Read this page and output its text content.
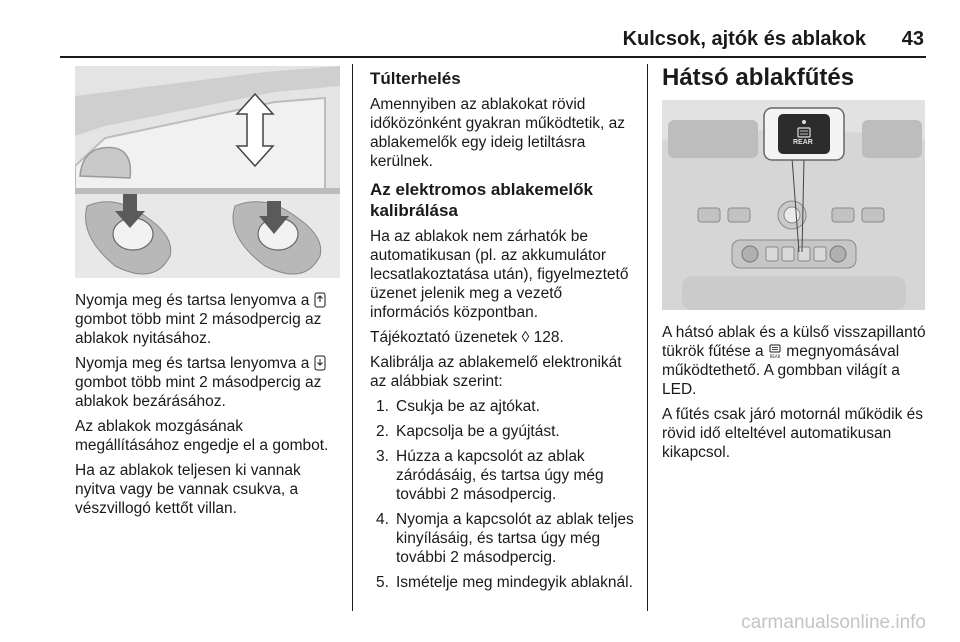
Kulcsok, ajtók és ablakok 43

Nyomja meg és tartsa lenyomva a  gombot több mint 2 másodpercig az ablakok nyitásához.

Nyomja meg és tartsa lenyomva a  gombot több mint 2 másodpercig az ablakok bezárásához.

Az ablakok mozgásának megállításához engedje el a gombot.

Ha az ablakok teljesen ki vannak nyitva vagy be vannak csukva, a vészvillogó kettőt villan.

Túlterhelés

Amennyiben az ablakokat rövid időközönként gyakran működtetik, az ablakemelők egy ideig letiltásra kerülnek.

Az elektromos ablakemelők kalibrálása

Ha az ablakok nem zárhatók be automatikusan (pl. az akkumulátor lecsatlakoztatása után), figyelmeztető üzenet jelenik meg a vezető információs központban.

Tájékoztató üzenetek ◊ 128.

Kalibrálja az ablakemelő elektronikát az alábbiak szerint:

1. Csukja be az ajtókat.
2. Kapcsolja be a gyújtást.
3. Húzza a kapcsolót az ablak záródásáig, és tartsa úgy még további 2 másodpercig.
4. Nyomja a kapcsolót az ablak teljes kinyílásáig, és tartsa úgy még további 2 másodpercig.
5. Ismételje meg mindegyik ablaknál.
Hátsó ablakfűtés
REAR

A hátsó ablak és a külső visszapillantó tükrök fűtése a REAR megnyomásával működtethető. A gombban világít a LED.

A fűtés csak járó motornál működik és rövid idő elteltével automatikusan kikapcsol.

carmanualsonline.info
